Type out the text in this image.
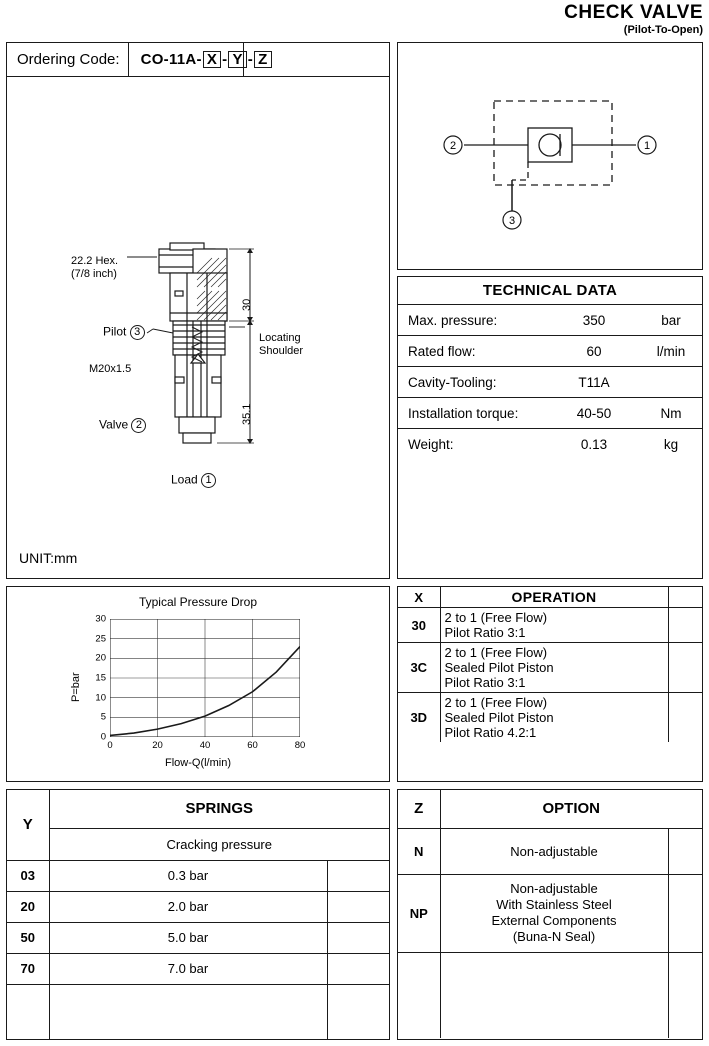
CHECK VALVE
(Pilot-To-Open)
Ordering Code:	CO-11A- X - Y - Z
22.2 Hex.
(7/8 inch)
Pilot 3
M20x1.5
Valve 2
Load 1
30
35.1
Locating
Shoulder
UNIT:mm
2	1
3
TECHNICAL DATA
Max. pressure:	350	bar
Rated flow:	60	l/min
Cavity-Tooling:	T11A
Installation torque:	40-50	Nm
Weight:	0.13	kg
Typical Pressure Drop
P=bar
Flow-Q(l/min)
0
5
10
15
20
25
30
0	20	40	60	80
X	OPERATION	
30	2 to 1 (Free Flow)
Pilot Ratio 3:1	

3C	2 to 1 (Free Flow)
Sealed Pilot Piston
Pilot Ratio 3:1	

3D	2 to 1 (Free Flow)
Sealed Pilot Piston
Pilot Ratio 4.2:1	

Y	SPRINGS	
	Cracking pressure	
03	0.3 bar	
20	2.0 bar	
50	5.0 bar	
70	7.0 bar	

Z	OPTION	
N	Non-adjustable	

NP	Non-adjustable
With Stainless Steel
External Components
(Buna-N Seal)	
